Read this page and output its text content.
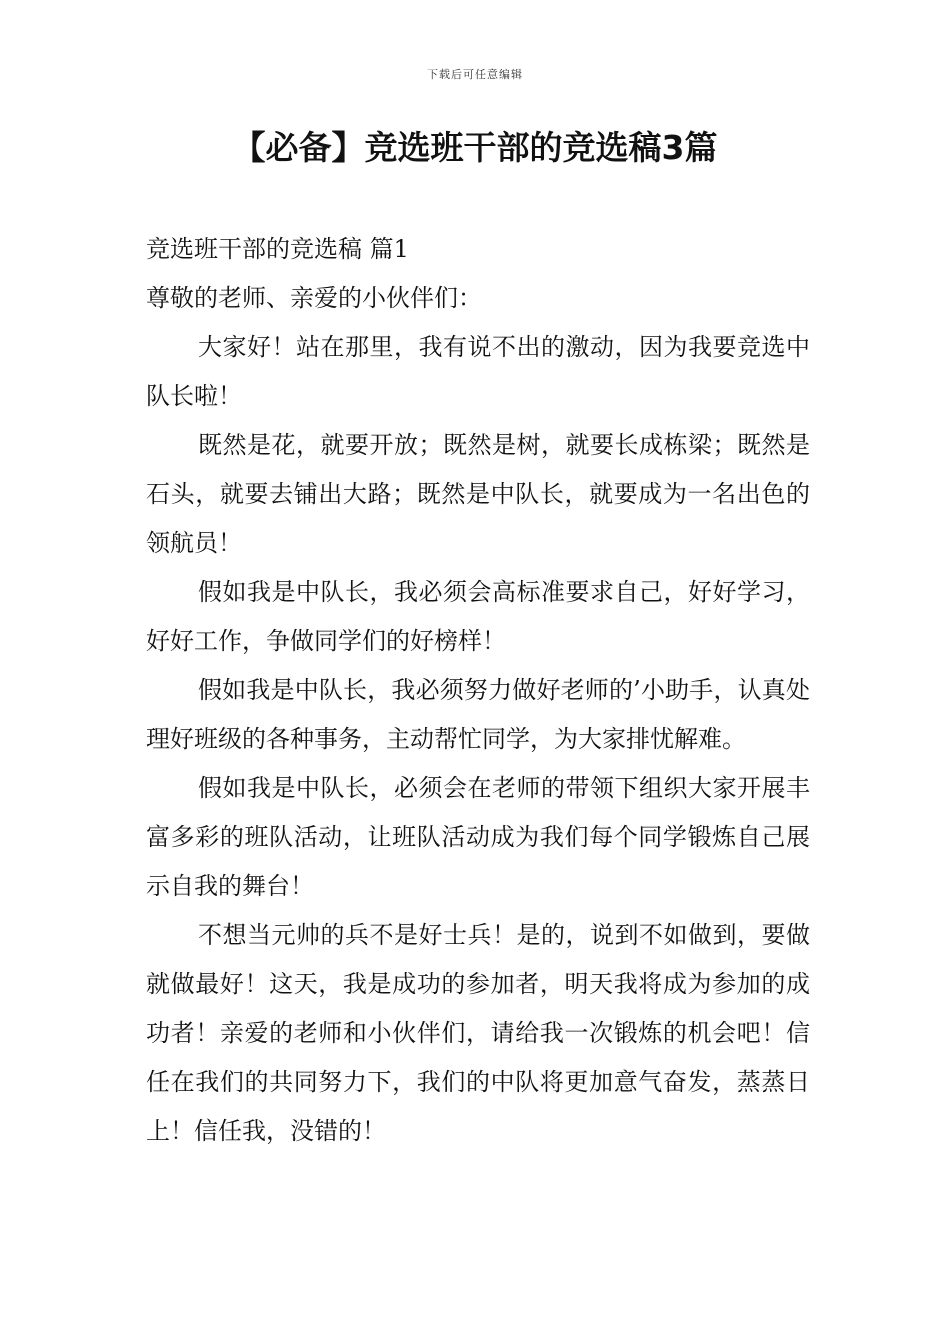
下载后可任意编辑
【必备】竞选班干部的竞选稿3篇

竞选班干部的竞选稿 篇1

尊敬的老师、亲爱的小伙伴们：

大家好！站在那里，我有说不出的激动，因为我要竞选中队长啦！

既然是花，就要开放；既然是树，就要长成栋梁；既然是石头，就要去铺出大路；既然是中队长，就要成为一名出色的领航员！

假如我是中队长，我必须会高标准要求自己，好好学习，好好工作，争做同学们的好榜样！

假如我是中队长，我必须努力做好老师的’小助手，认真处理好班级的各种事务，主动帮忙同学，为大家排忧解难。

假如我是中队长，必须会在老师的带领下组织大家开展丰富多彩的班队活动，让班队活动成为我们每个同学锻炼自己展示自我的舞台！

不想当元帅的兵不是好士兵！是的，说到不如做到，要做就做最好！这天，我是成功的参加者，明天我将成为参加的成功者！亲爱的老师和小伙伴们，请给我一次锻炼的机会吧！信任在我们的共同努力下，我们的中队将更加意气奋发，蒸蒸日上！信任我，没错的！
